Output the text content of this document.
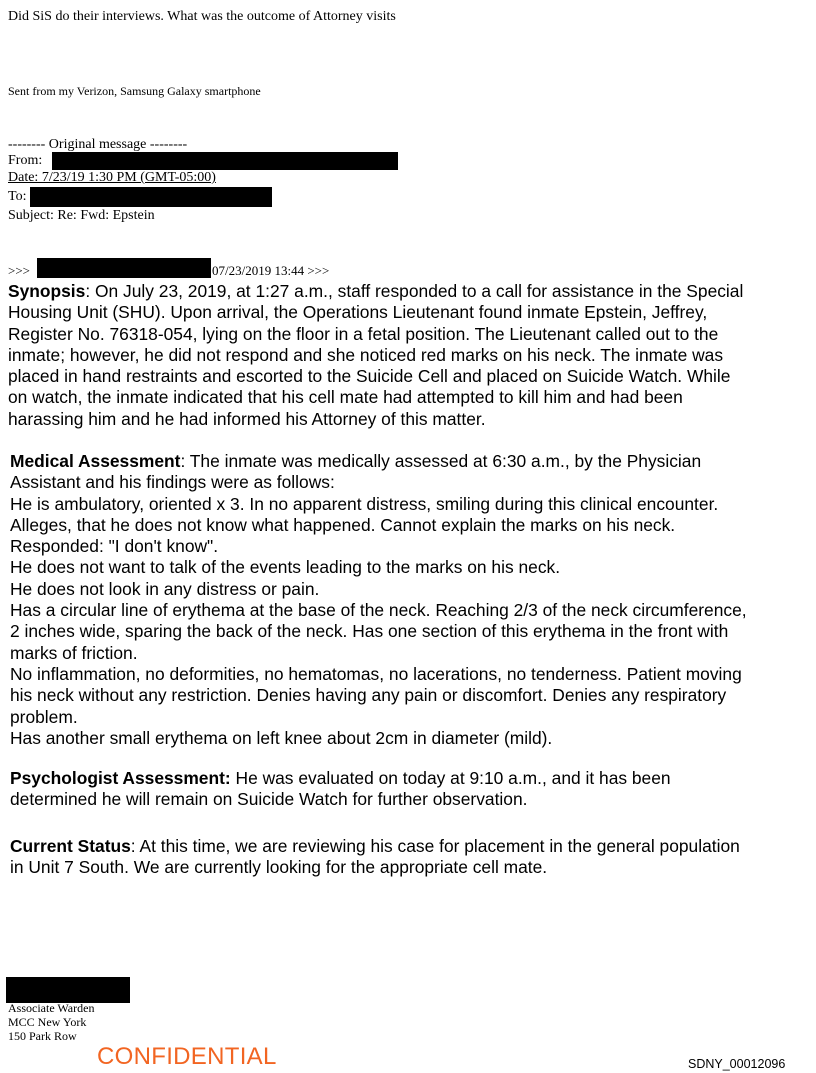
Did SiS do their interviews. What was the outcome of Attorney visits
Sent from my Verizon, Samsung Galaxy smartphone
-------- Original message --------
From:
Date: 7/23/19 1:30 PM (GMT-05:00)
To:
Subject: Re: Fwd: Epstein
>>>	07/23/2019 13:44 >>>
Synopsis: On July 23, 2019, at 1:27 a.m., staff responded to a call for assistance in the Special
Housing Unit (SHU). Upon arrival, the Operations Lieutenant found inmate Epstein, Jeffrey,
Register No. 76318-054, lying on the floor in a fetal position. The Lieutenant called out to the
inmate; however, he did not respond and she noticed red marks on his neck. The inmate was
placed in hand restraints and escorted to the Suicide Cell and placed on Suicide Watch. While
on watch, the inmate indicated that his cell mate had attempted to kill him and had been
harassing him and he had informed his Attorney of this matter.
Medical Assessment: The inmate was medically assessed at 6:30 a.m., by the Physician
Assistant and his findings were as follows:
He is ambulatory, oriented x 3. In no apparent distress, smiling during this clinical encounter.
Alleges, that he does not know what happened. Cannot explain the marks on his neck.
Responded: "I don't know".
He does not want to talk of the events leading to the marks on his neck.
He does not look in any distress or pain.
Has a circular line of erythema at the base of the neck. Reaching 2/3 of the neck circumference,
2 inches wide, sparing the back of the neck. Has one section of this erythema in the front with
marks of friction.
No inflammation, no deformities, no hematomas, no lacerations, no tenderness. Patient moving
his neck without any restriction. Denies having any pain or discomfort. Denies any respiratory
problem.
Has another small erythema on left knee about 2cm in diameter (mild).
Psychologist Assessment: He was evaluated on today at 9:10 a.m., and it has been
determined he will remain on Suicide Watch for further observation.
Current Status: At this time, we are reviewing his case for placement in the general population
in Unit 7 South. We are currently looking for the appropriate cell mate.
Associate Warden
MCC New York
150 Park Row
CONFIDENTIAL	SDNY_00012096
